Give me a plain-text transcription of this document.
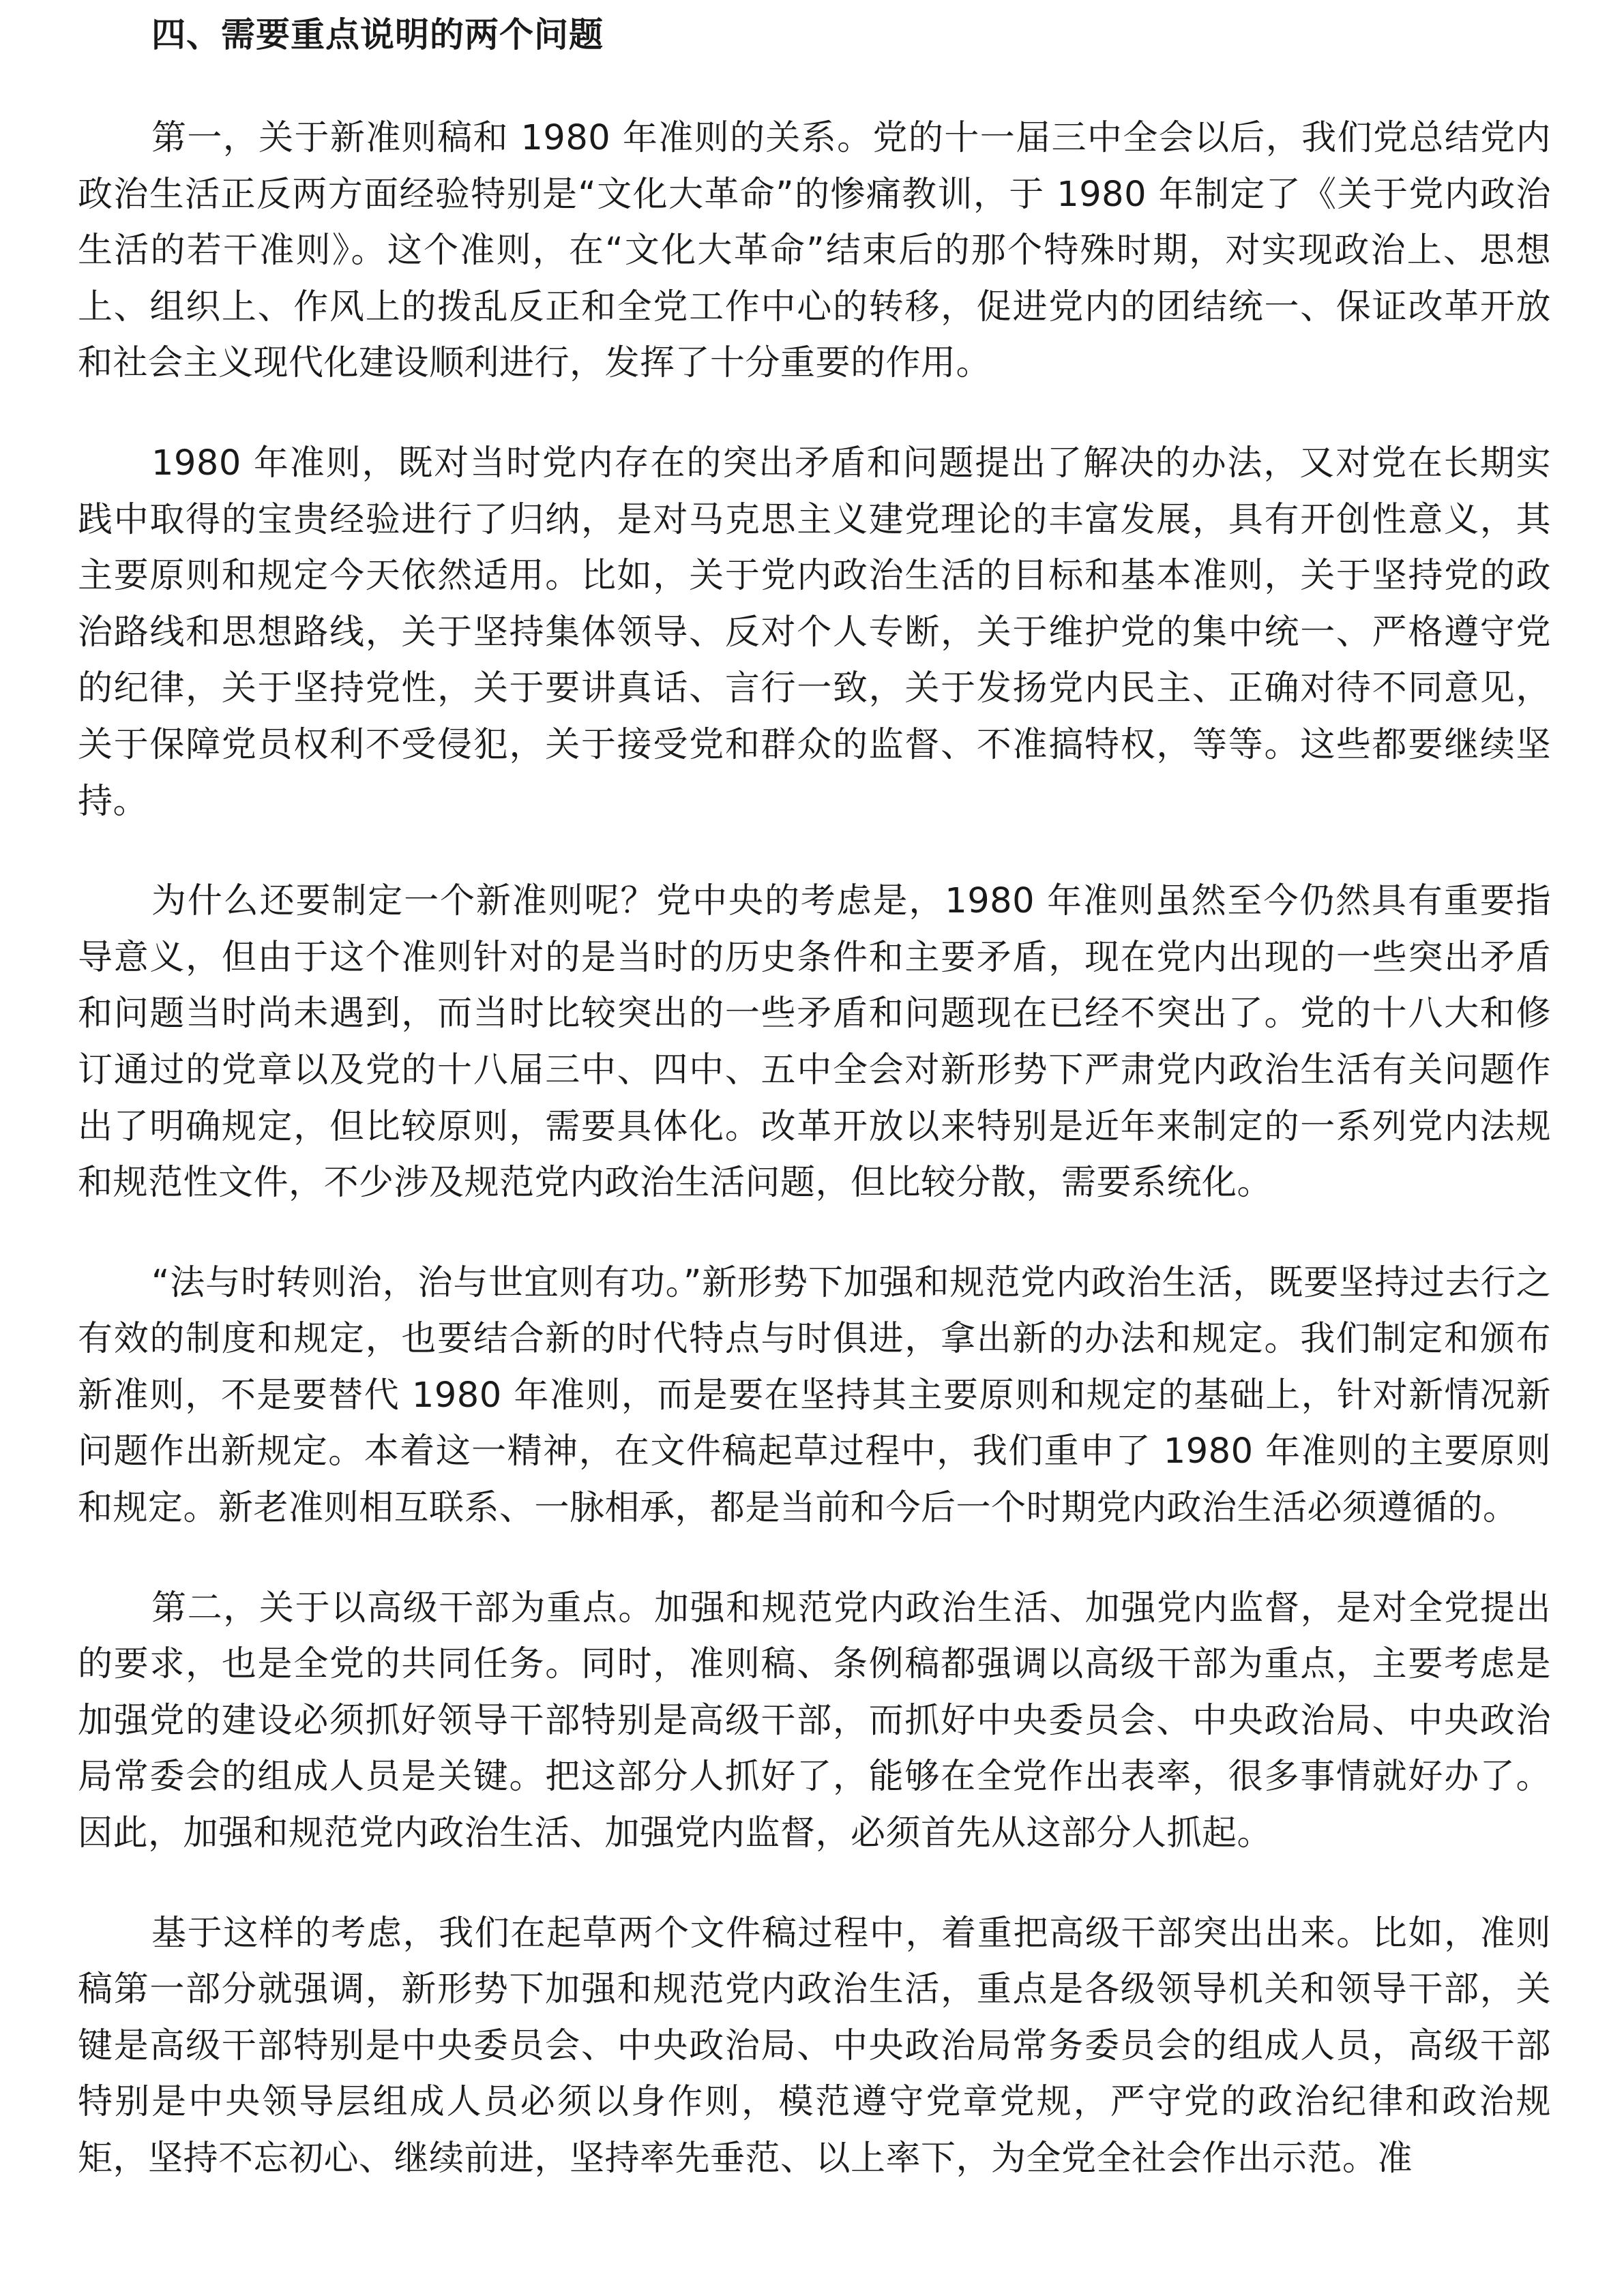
四、需要重点说明的两个问题

第一，关于新准则稿和 1980 年准则的关系。党的十一届三中全会以后，我们党总结党内政治生活正反两方面经验特别是“文化大革命”的惨痛教训，于 1980 年制定了《关于党内政治生活的若干准则》。这个准则，在“文化大革命”结束后的那个特殊时期，对实现政治上、思想上、组织上、作风上的拨乱反正和全党工作中心的转移，促进党内的团结统一、保证改革开放和社会主义现代化建设顺利进行，发挥了十分重要的作用。

1980 年准则，既对当时党内存在的突出矛盾和问题提出了解决的办法，又对党在长期实践中取得的宝贵经验进行了归纳，是对马克思主义建党理论的丰富发展，具有开创性意义，其主要原则和规定今天依然适用。比如，关于党内政治生活的目标和基本准则，关于坚持党的政治路线和思想路线，关于坚持集体领导、反对个人专断，关于维护党的集中统一、严格遵守党的纪律，关于坚持党性，关于要讲真话、言行一致，关于发扬党内民主、正确对待不同意见，关于保障党员权利不受侵犯，关于接受党和群众的监督、不准搞特权，等等。这些都要继续坚持。

为什么还要制定一个新准则呢？党中央的考虑是，1980 年准则虽然至今仍然具有重要指导意义，但由于这个准则针对的是当时的历史条件和主要矛盾，现在党内出现的一些突出矛盾和问题当时尚未遇到，而当时比较突出的一些矛盾和问题现在已经不突出了。党的十八大和修订通过的党章以及党的十八届三中、四中、五中全会对新形势下严肃党内政治生活有关问题作出了明确规定，但比较原则，需要具体化。改革开放以来特别是近年来制定的一系列党内法规和规范性文件，不少涉及规范党内政治生活问题，但比较分散，需要系统化。

“法与时转则治，治与世宜则有功。”新形势下加强和规范党内政治生活，既要坚持过去行之有效的制度和规定，也要结合新的时代特点与时俱进，拿出新的办法和规定。我们制定和颁布新准则，不是要替代 1980 年准则，而是要在坚持其主要原则和规定的基础上，针对新情况新问题作出新规定。本着这一精神，在文件稿起草过程中，我们重申了 1980 年准则的主要原则和规定。新老准则相互联系、一脉相承，都是当前和今后一个时期党内政治生活必须遵循的。

第二，关于以高级干部为重点。加强和规范党内政治生活、加强党内监督，是对全党提出的要求，也是全党的共同任务。同时，准则稿、条例稿都强调以高级干部为重点，主要考虑是加强党的建设必须抓好领导干部特别是高级干部，而抓好中央委员会、中央政治局、中央政治局常委会的组成人员是关键。把这部分人抓好了，能够在全党作出表率，很多事情就好办了。因此，加强和规范党内政治生活、加强党内监督，必须首先从这部分人抓起。

基于这样的考虑，我们在起草两个文件稿过程中，着重把高级干部突出出来。比如，准则稿第一部分就强调，新形势下加强和规范党内政治生活，重点是各级领导机关和领导干部，关键是高级干部特别是中央委员会、中央政治局、中央政治局常务委员会的组成人员，高级干部特别是中央领导层组成人员必须以身作则，模范遵守党章党规，严守党的政治纪律和政治规矩，坚持不忘初心、继续前进，坚持率先垂范、以上率下，为全党全社会作出示范。准
